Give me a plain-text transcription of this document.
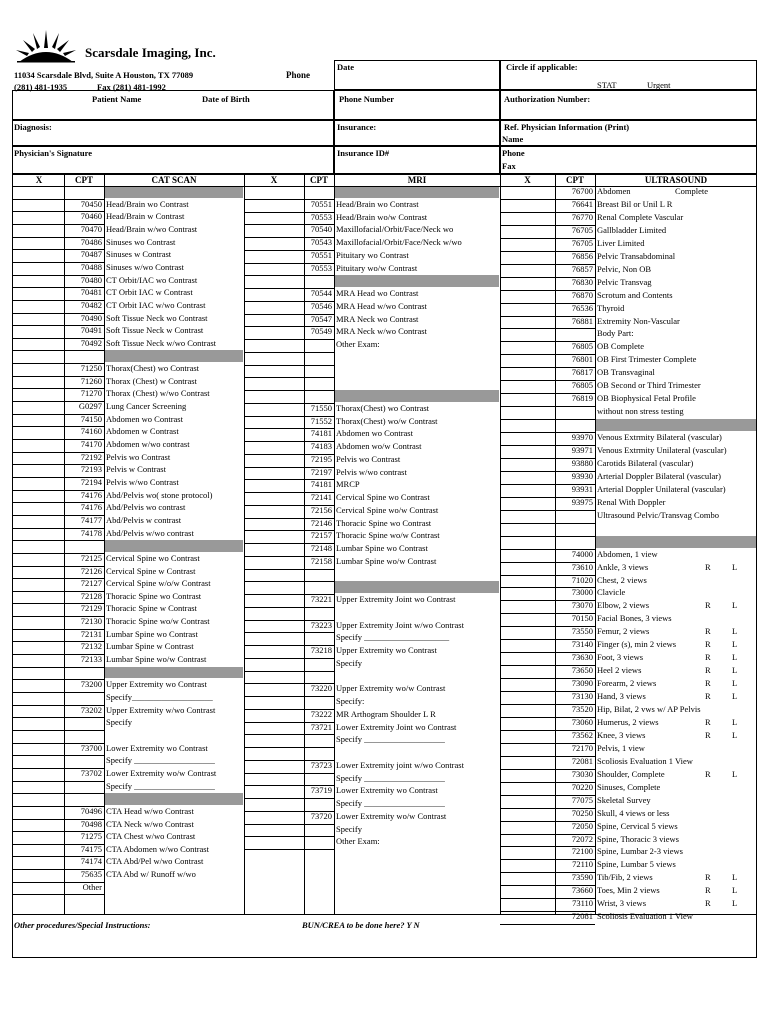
Scarsdale Imaging, Inc.
11034 Scarsdale Blvd, Suite A Houston, TX 77089	Phone
(281) 481-1935	Fax (281) 481-1992
Date	Circle if applicable:
STAT	Urgent
Patient Name	Date of Birth	Phone Number	Authorization Number:
Diagnosis:	Insurance:	Ref. Physician Information (Print)
Name
Physician's Signature	Insurance ID#	Phone
Fax
X	CPT	CAT SCAN	X	CPT	MRI	X	CPT	ULTRASOUND
70450 Head/Brain wo Contrast
70460 Head/Brain w Contrast
70470 Head/Brain w/wo Contrast
70486 Sinuses wo Contrast
70487 Sinuses w Contrast
70488 Sinuses w/wo Contrast
70480 CT Orbit/IAC wo Contrast
70481 CT Orbit IAC w Contrast
70482 CT Orbit IAC w/wo Contrast
70490 Soft Tissue Neck wo Contrast
70491 Soft Tissue Neck w Contrast
70492 Soft Tissue Neck w/wo Contrast
71250 Thorax(Chest) wo Contrast
71260 Thorax (Chest) w Contrast
71270 Thorax (Chest) w/wo Contrast
G0297 Lung Cancer Screening
74150 Abdomen wo Contrast
74160 Abdomen w Contrast
74170 Abdomen w/wo contrast
72192 Pelvis wo Contrast
72193 Pelvis w Contrast
72194 Pelvis w/wo Contrast
74176 Abd/Pelvis wo( stone protocol)
74176 Abd/Pelvis wo contrast
74177 Abd/Pelvis w contrast
74178 Abd/Pelvis w/wo contrast
72125 Cervical Spine wo Contrast
72126 Cervical Spine w Contrast
72127 Cervical Spine w/o/w Contrast
72128 Thoracic Spine wo Contrast
72129 Thoracic Spine w Contrast
72130 Thoracic Spine wo/w Contrast
72131 Lumbar Spine wo Contrast
72132 Lumbar Spine w Contrast
72133 Lumbar Spine wo/w Contrast
73200 Upper Extremity wo Contrast
Specify___________________
73202 Upper Extremity w/wo Contrast
Specify
73700 Lower Extremity wo Contrast
Specify ___________________
73702 Lower Extremity wo/w Contrast
Specify ___________________
70496 CTA Head w/wo Contrast
70498 CTA Neck w/wo Contrast
71275 CTA Chest w/wo Contrast
74175 CTA Abdomen w/wo Contrast
74174 CTA Abd/Pel w/wo Contrast
75635 CTA Abd w/ Runoff w/wo
Other
70551 Head/Brain wo Contrast
70553 Head/Brain wo/w Contrast
70540 Maxillofacial/Orbit/Face/Neck wo
70543 Maxillofacial/Orbit/Face/Neck w/wo
70551 Pituitary wo Contrast
70553 Pituitary wo/w Contrast
70544 MRA Head wo Contrast
70546 MRA Head w/wo Contrast
70547 MRA Neck wo Contrast
70549 MRA Neck w/wo Contrast
Other Exam:
71550 Thorax(Chest) wo Contrast
71552 Thorax(Chest) wo/w Contrast
74181 Abdomen wo Contrast
74183 Abdomen wo/w Contrast
72195 Pelvis wo Contrast
72197 Pelvis w/wo contrast
74181 MRCP
72141 Cervical Spine wo Contrast
72156 Cervical Spine wo/w Contrast
72146 Thoracic Spine wo Contrast
72157 Thoracic Spine wo/w Contrast
72148 Lumbar Spine wo Contrast
72158 Lumbar Spine wo/w Contrast
73221 Upper Extremity Joint wo Contrast
73223 Upper Extremity Joint w/wo Contrast
Specify ____________________
73218 Upper Extremity wo Contrast
Specify
73220 Upper Extremity wo/w Contrast
Specify:
73222 MR Arthogram Shoulder L R
73721 Lower Extremity Joint wo Contrast
Specify ___________________
73723 Lower Extremity joint w/wo Contrast
Specify ___________________
73719 Lower Extremity wo Contrast
Specify ___________________
73720 Lower Extremity wo/w Contrast
Specify
Other Exam:
76700 Abdomen	Complete
76641 Breast Bil or Unil L R
76770 Renal Complete Vascular
76705 Gallbladder Limited
76705 Liver Limited
76856 Pelvic Transabdominal
76857 Pelvic, Non OB
76830 Pelvic Transvag
76870 Scrotum and Contents
76536 Thyroid
76881 Extremity Non-Vascular
Body Part:
76805 OB Complete
76801 OB First Trimester Complete
76817 OB Transvaginal
76805 OB Second or Third Trimester
76819 OB Biophysical Fetal Profile
without non stress testing
93970 Venous Extrmity Bilateral (vascular)
93971 Venous Extrmity Unilateral (vascular)
93880 Carotids Bilateral (vascular)
93930 Arterial Doppler Bilateral (vascular)
93931 Arterial Doppler Unilateral (vascular)
93975 Renal With Doppler
Ultrasound Pelvic/Transvag Combo
74000 Abdomen, 1 view
73610 Ankle, 3 views	R	L
71020 Chest, 2 views
73000 Clavicle
73070 Elbow, 2 views	R	L
70150 Facial Bones, 3 views
73550 Femur, 2 views	R	L
73140 Finger (s), min 2 views	R	L
73630 Foot, 3 views	R	L
73650 Heel 2 views	R	L
73090 Forearm, 2 views	R	L
73130 Hand, 3 views	R	L
73520 Hip, Bilat, 2 vws w/ AP Pelvis
73060 Humerus, 2 views	R	L
73562 Knee, 3 views	R	L
72170 Pelvis, 1 view
72081 Scoliosis Evaluation 1 View
73030 Shoulder, Complete	R	L
70220 Sinuses, Complete
77075 Skeletal Survey
70250 Skull, 4 views or less
72050 Spine, Cervical 5 views
72072 Spine, Thoracic 3 views
72100 Spine, Lumbar 2-3 views
72110 Spine, Lumbar 5 views
73590 Tib/Fib, 2 views	R	L
73660 Toes, Min 2 views	R	L
73110 Wrist, 3 views	R	L
72081 Scoliosis Evaluation 1 View
Other procedures/Special Instructions:	BUN/CREA to be done here? Y N
